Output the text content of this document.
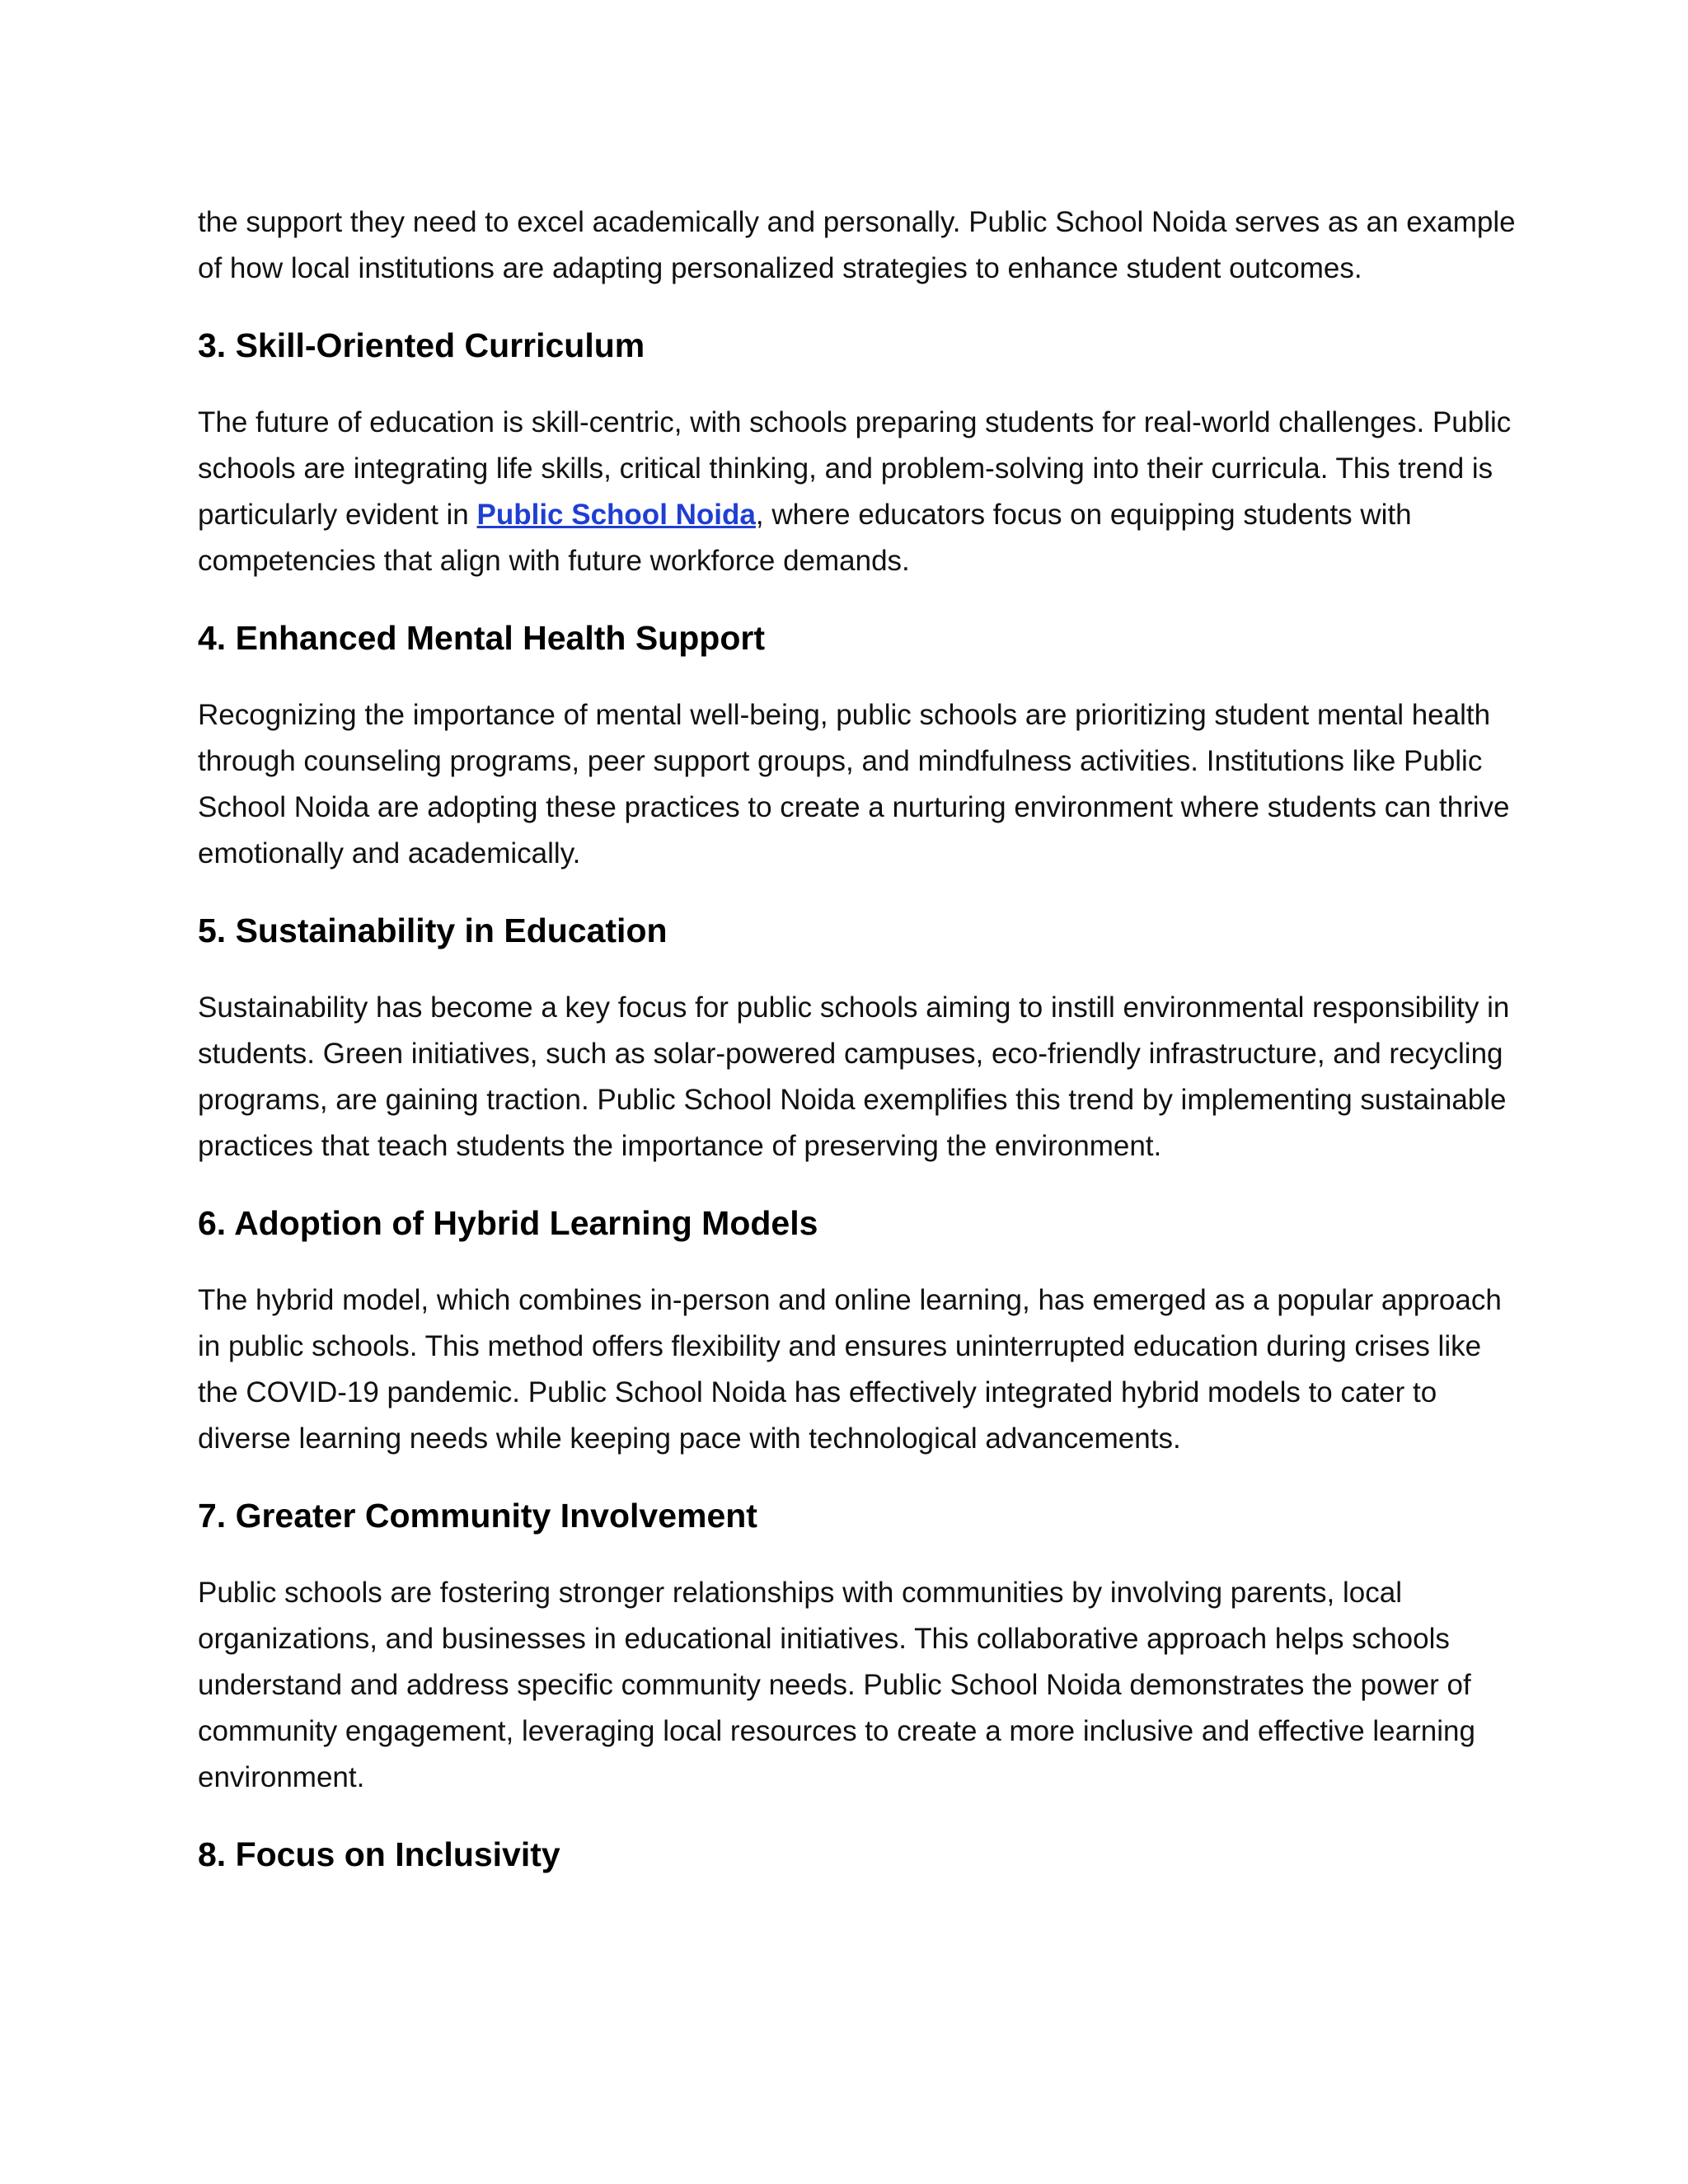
the support they need to excel academically and personally. Public School Noida serves as an example of how local institutions are adapting personalized strategies to enhance student outcomes.

3. Skill-Oriented Curriculum

The future of education is skill-centric, with schools preparing students for real-world challenges. Public schools are integrating life skills, critical thinking, and problem-solving into their curricula. This trend is particularly evident in Public School Noida, where educators focus on equipping students with competencies that align with future workforce demands.

4. Enhanced Mental Health Support

Recognizing the importance of mental well-being, public schools are prioritizing student mental health through counseling programs, peer support groups, and mindfulness activities. Institutions like Public School Noida are adopting these practices to create a nurturing environment where students can thrive emotionally and academically.

5. Sustainability in Education

Sustainability has become a key focus for public schools aiming to instill environmental responsibility in students. Green initiatives, such as solar-powered campuses, eco-friendly infrastructure, and recycling programs, are gaining traction. Public School Noida exemplifies this trend by implementing sustainable practices that teach students the importance of preserving the environment.

6. Adoption of Hybrid Learning Models

The hybrid model, which combines in-person and online learning, has emerged as a popular approach in public schools. This method offers flexibility and ensures uninterrupted education during crises like the COVID-19 pandemic. Public School Noida has effectively integrated hybrid models to cater to diverse learning needs while keeping pace with technological advancements.

7. Greater Community Involvement

Public schools are fostering stronger relationships with communities by involving parents, local organizations, and businesses in educational initiatives. This collaborative approach helps schools understand and address specific community needs. Public School Noida demonstrates the power of community engagement, leveraging local resources to create a more inclusive and effective learning environment.

8. Focus on Inclusivity
